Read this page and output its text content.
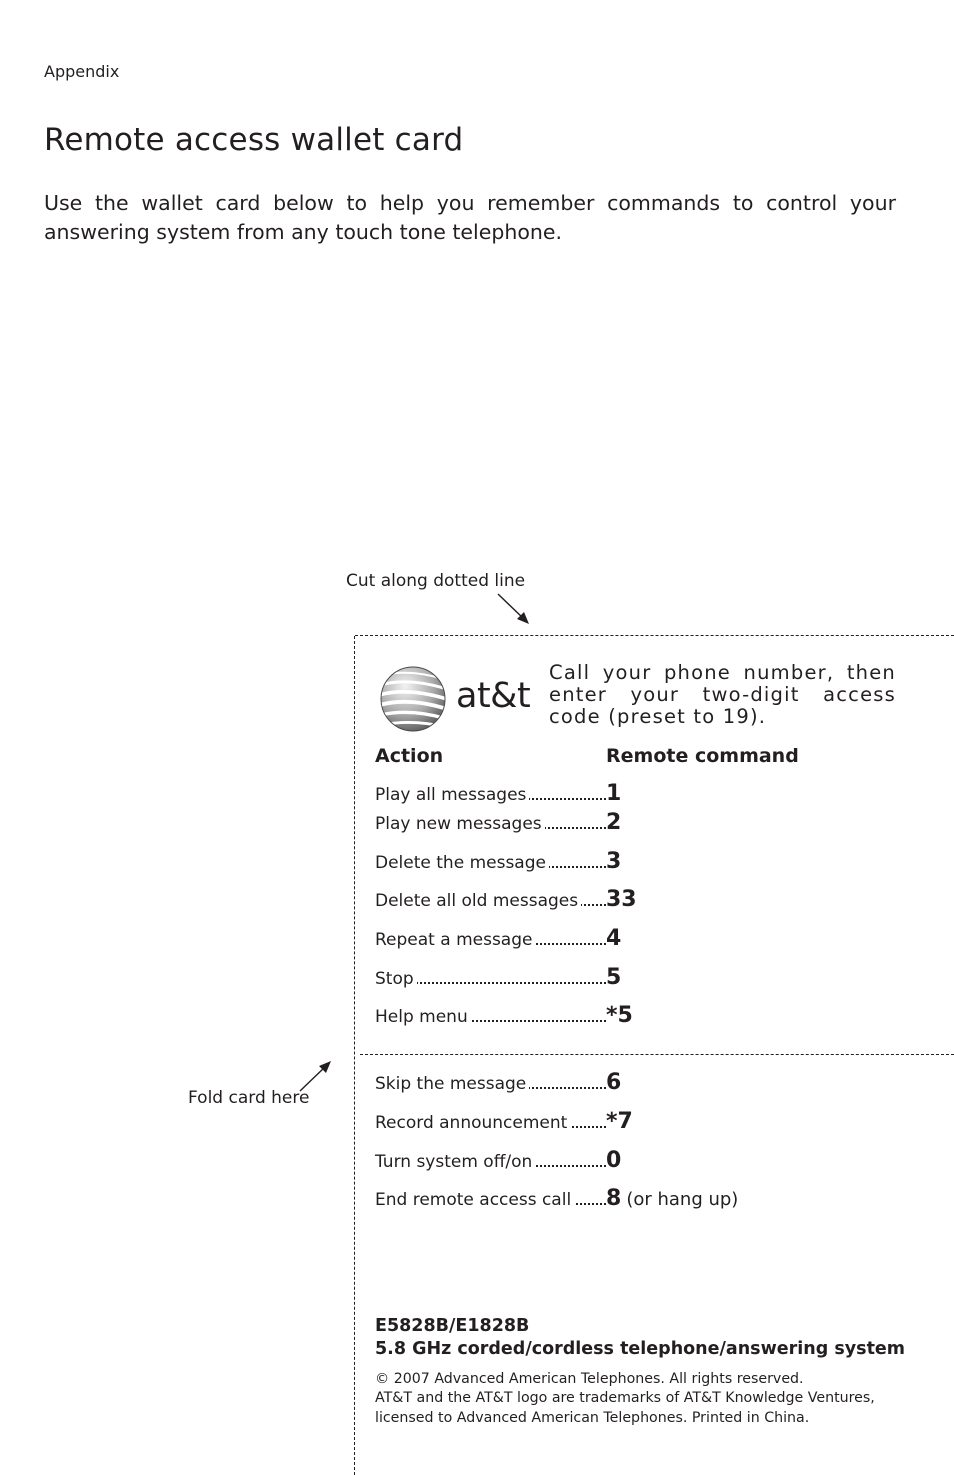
Appendix
Remote access wallet card

Use the wallet card below to help you remember commands to control your answering system from any touch tone telephone.

Cut along dotted line
Fold card here
at&t

Call your phone number, then enter your two-digit access code (preset to 19).

Action	Remote command
Play all messages	1
Play new messages	2
Delete the message	3
Delete all old messages 33
Repeat a message	4
Stop	5
Help menu	*5
Skip the message	6
Record announcement *7
Turn system off/on	0
End remote access call 8 (or hang up)
E5828B/E1828B
5.8 GHz corded/cordless telephone/answering system
© 2007 Advanced American Telephones. All rights reserved.
AT&T and the AT&T logo are trademarks of AT&T Knowledge Ventures,
licensed to Advanced American Telephones. Printed in China.
